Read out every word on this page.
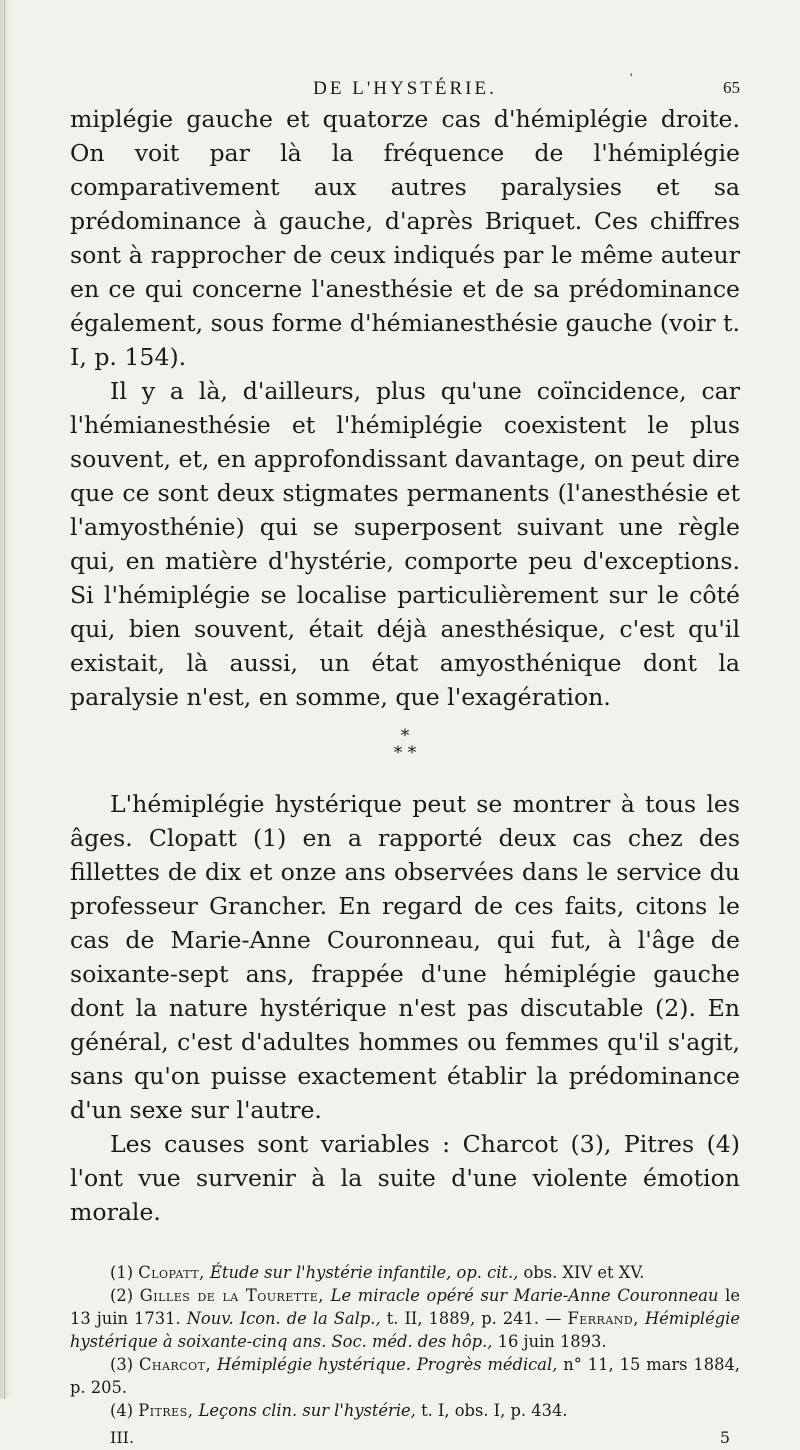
DE L'HYSTÉRIE.
'
65

miplégie gauche et quatorze cas d'hémiplégie droite. On voit par là la fréquence de l'hémiplégie comparativement aux autres paralysies et sa prédominance à gauche, d'après Briquet. Ces chiffres sont à rapprocher de ceux indiqués par le même auteur en ce qui concerne l'anesthésie et de sa prédominance également, sous forme d'hémianesthésie gauche (voir t. I, p. 154).

Il y a là, d'ailleurs, plus qu'une coïncidence, car l'hémianesthésie et l'hémiplégie coexistent le plus souvent, et, en approfondissant davantage, on peut dire que ce sont deux stigmates permanents (l'anesthésie et l'amyosthénie) qui se superposent suivant une règle qui, en matière d'hystérie, comporte peu d'exceptions. Si l'hémiplégie se localise particulièrement sur le côté qui, bien souvent, était déjà anesthésique, c'est qu'il existait, là aussi, un état amyosthénique dont la paralysie n'est, en somme, que l'exagération.

*
* *

L'hémiplégie hystérique peut se montrer à tous les âges. Clopatt (1) en a rapporté deux cas chez des fillettes de dix et onze ans observées dans le service du professeur Grancher. En regard de ces faits, citons le cas de Marie-Anne Couronneau, qui fut, à l'âge de soixante-sept ans, frappée d'une hémiplégie gauche dont la nature hystérique n'est pas discutable (2). En général, c'est d'adultes hommes ou femmes qu'il s'agit, sans qu'on puisse exactement établir la prédominance d'un sexe sur l'autre.

Les causes sont variables : Charcot (3), Pitres (4) l'ont vue survenir à la suite d'une violente émotion morale.

(1) Clopatt, Étude sur l'hystérie infantile, op. cit., obs. XIV et XV.

(2) Gilles de la Tourette, Le miracle opéré sur Marie-Anne Couronneau le 13 juin 1731. Nouv. Icon. de la Salp., t. II, 1889, p. 241. — Ferrand, Hémiplégie hystérique à soixante-cinq ans. Soc. méd. des hôp., 16 juin 1893.

(3) Charcot, Hémiplégie hystérique. Progrès médical, n° 11, 15 mars 1884, p. 205.

(4) Pitres, Leçons clin. sur l'hystérie, t. I, obs. I, p. 434.

III.	5
